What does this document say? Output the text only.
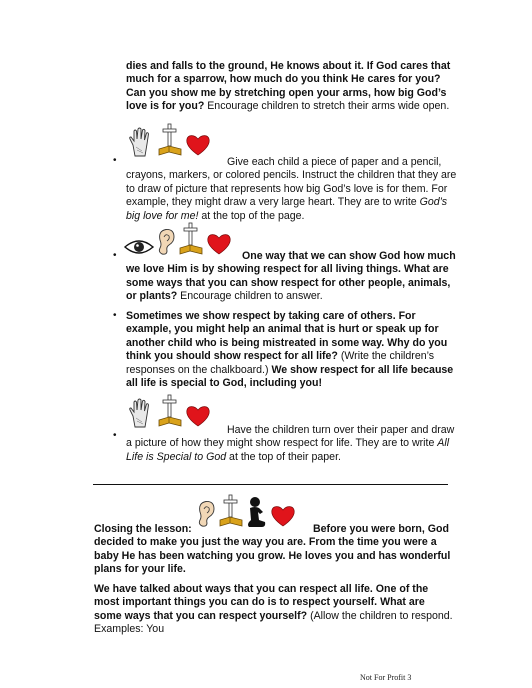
dies and falls to the ground, He knows about it. If God cares that much for a sparrow, how much do you think He cares for you? Can you show me by stretching open your arms, how big God’s love is for you? Encourage children to stretch their arms wide open.
•	Give each child a piece of paper and a pencil, crayons, markers, or colored pencils. Instruct the children that they are to draw of picture that represents how big God’s love is for them. For example, they might draw a very large heart. They are to write God’s big love for me! at the top of the page.
•	One way that we can show God how much we love Him is by showing respect for all living things. What are some ways that you can show respect for other people, animals, or plants? Encourage children to answer.
• Sometimes we show respect by taking care of others. For example, you might help an animal that is hurt or speak up for another child who is being mistreated in some way. Why do you think you should show respect for all life? (Write the children’s responses on the chalkboard.) We show respect for all life because all life is special to God, including you!
•	Have the children turn over their paper and draw a picture of how they might show respect for life. They are to write All Life is Special to God at the top of their paper.
Closing the lesson:	Before you were born, God decided to make you just the way you are. From the time you were a baby He has been watching you grow. He loves you and has wonderful plans for your life.
We have talked about ways that you can respect all life. One of the most important things you can do is to respect yourself. What are some ways that you can respect yourself? (Allow the children to respond. Examples: You
Not For Profit 3
